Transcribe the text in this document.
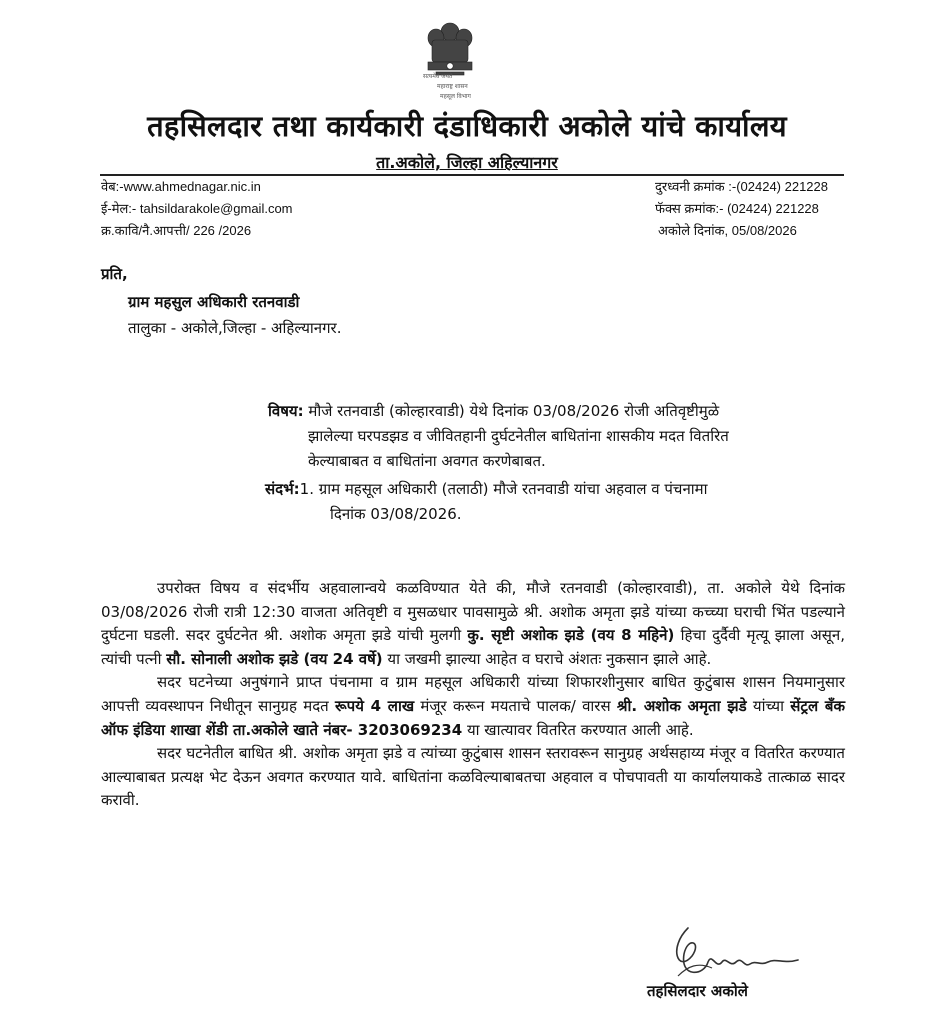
सत्यमेव जयते
महाराष्ट्र शासन
महसूल विभाग
तहसिलदार तथा कार्यकारी दंडाधिकारी अकोले यांचे कार्यालय
ता.अकोले, जिल्हा अहिल्यानगर
वेब:-www.ahmednagar.nic.in
ई-मेल:- tahsildarakole@gmail.com
क्र.कावि/नै.आपत्ती/ 226 /2026
दुरध्वनी क्रमांक :-(02424) 221228
फॅक्स क्रमांक:- (02424) 221228
अकोले दिनांक, 05/08/2026
प्रति,
ग्राम महसुल अधिकारी रतनवाडी
तालुका - अकोले,जिल्हा - अहिल्यानगर.
विषय: मौजे रतनवाडी (कोल्हारवाडी) येथे दिनांक 03/08/2026 रोजी अतिवृष्टीमुळे
झालेल्या घरपडझड व जीवितहानी दुर्घटनेतील बाधितांना शासकीय मदत वितरित
केल्याबाबत व बाधितांना अवगत करणेबाबत.
संदर्भ:1. ग्राम महसूल अधिकारी (तलाठी) मौजे रतनवाडी यांचा अहवाल व पंचनामा
दिनांक 03/08/2026.

उपरोक्त विषय व संदर्भीय अहवालान्वये कळविण्यात येते की, मौजे रतनवाडी (कोल्हारवाडी), ता. अकोले येथे दिनांक 03/08/2026 रोजी रात्री 12:30 वाजता अतिवृष्टी व मुसळधार पावसामुळे श्री. अशोक अमृता झडे यांच्या कच्च्या घराची भिंत पडल्याने दुर्घटना घडली. सदर दुर्घटनेत श्री. अशोक अमृता झडे यांची मुलगी कु. सृष्टी अशोक झडे (वय 8 महिने) हिचा दुर्दैवी मृत्यू झाला असून, त्यांची पत्नी सौ. सोनाली अशोक झडे (वय 24 वर्षे) या जखमी झाल्या आहेत व घराचे अंशतः नुकसान झाले आहे.

सदर घटनेच्या अनुषंगाने प्राप्त पंचनामा व ग्राम महसूल अधिकारी यांच्या शिफारशीनुसार बाधित कुटुंबास शासन नियमानुसार आपत्ती व्यवस्थापन निधीतून सानुग्रह मदत रूपये 4 लाख मंजूर करून मयताचे पालक/ वारस श्री. अशोक अमृता झडे यांच्या सेंट्रल बँक ऑफ इंडिया शाखा शेंडी ता.अकोले खाते नंबर- 3203069234 या खात्यावर वितरित करण्यात आली आहे.

सदर घटनेतील बाधित श्री. अशोक अमृता झडे व त्यांच्या कुटुंबास शासन स्तरावरून सानुग्रह अर्थसहाय्य मंजूर व वितरित करण्यात आल्याबाबत प्रत्यक्ष भेट देऊन अवगत करण्यात यावे. बाधितांना कळविल्याबाबतचा अहवाल व पोचपावती या कार्यालयाकडे तात्काळ सादर करावी.

तहसिलदार अकोले
